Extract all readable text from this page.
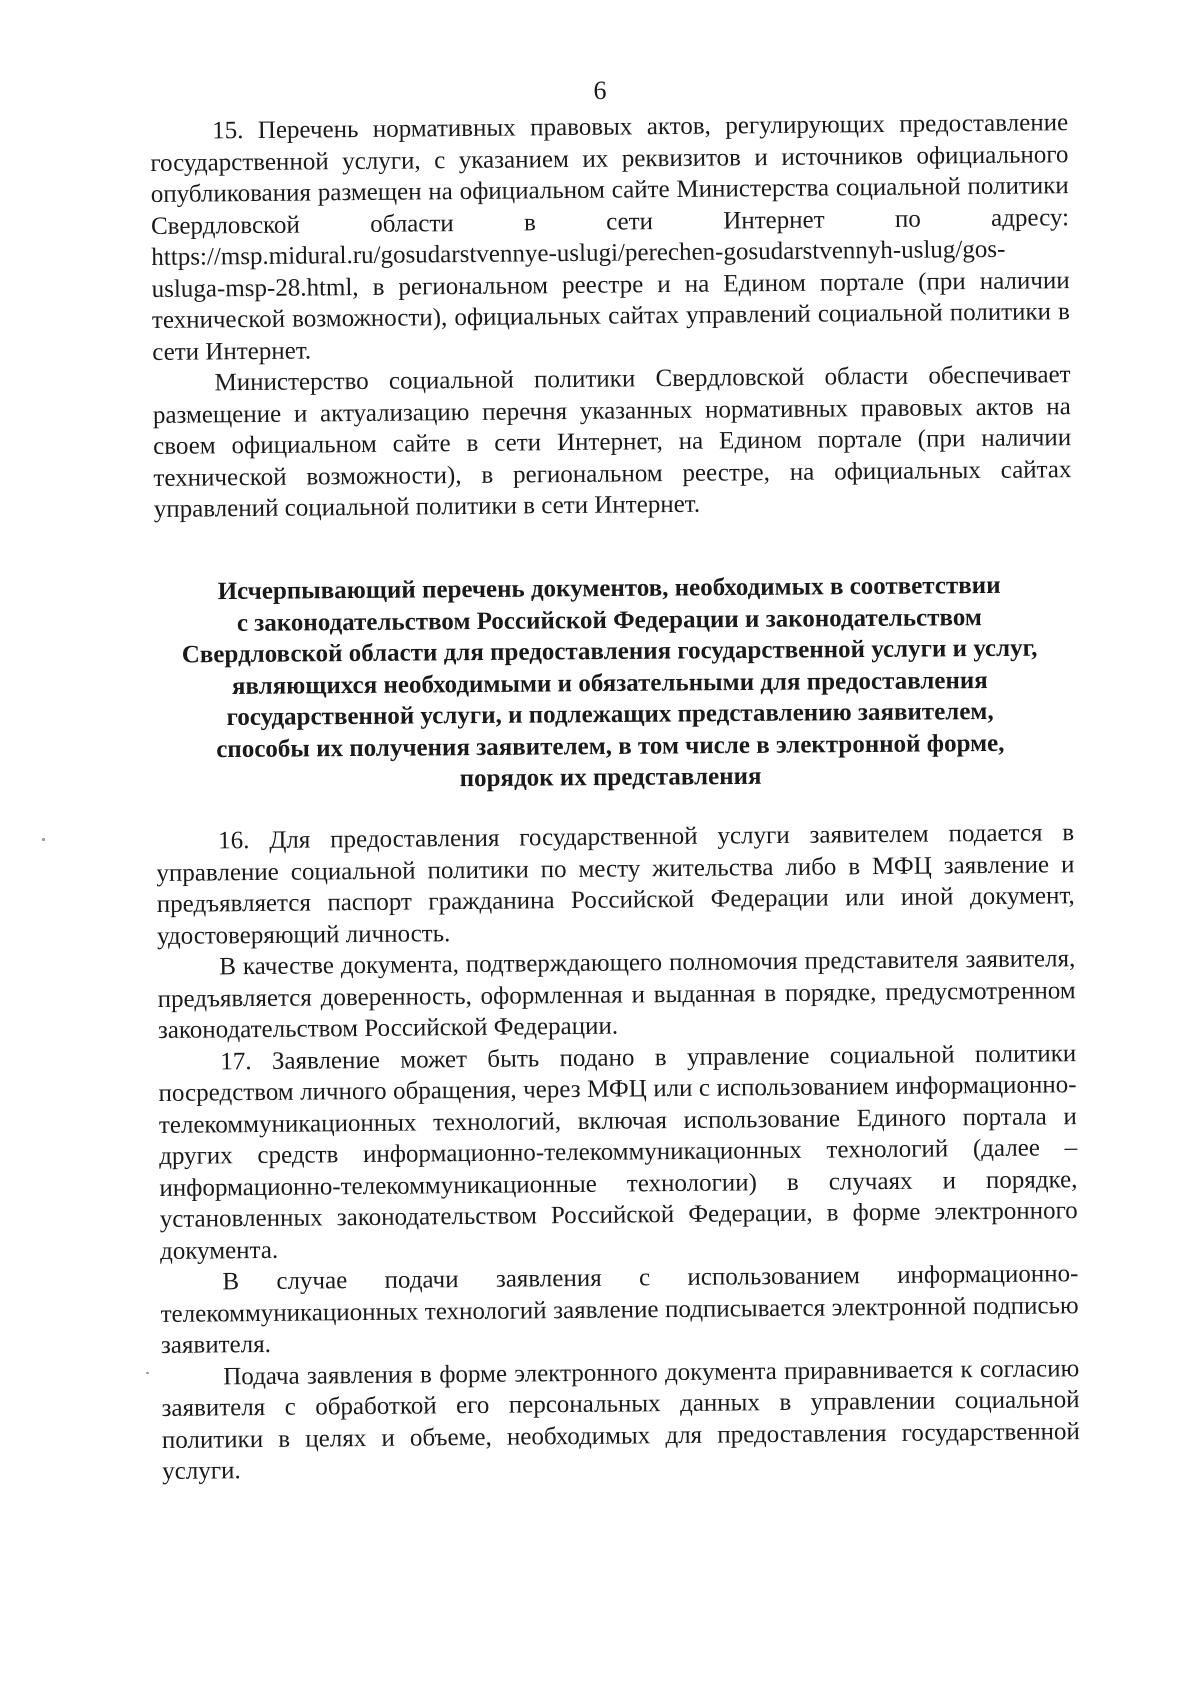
6

15. Перечень нормативных правовых актов, регулирующих предоставление государственной услуги, с указанием их реквизитов и источников официального опубликования размещен на официальном сайте Министерства социальной политики Свердловской области в сети Интернет по адресу: https://msp.midural.ru/gosudarstvennye-uslugi/perechen-gosudarstvennyh-uslug/gos-usluga-msp-28.html, в региональном реестре и на Едином портале (при наличии технической возможности), официальных сайтах управлений социальной политики в сети Интернет.

Министерство социальной политики Свердловской области обеспечивает размещение и актуализацию перечня указанных нормативных правовых актов на своем официальном сайте в сети Интернет, на Едином портале (при наличии технической возможности), в региональном реестре, на официальных сайтах управлений социальной политики в сети Интернет.

Исчерпывающий перечень документов, необходимых в соответствии
с законодательством Российской Федерации и законодательством
Свердловской области для предоставления государственной услуги и услуг,
являющихся необходимыми и обязательными для предоставления
государственной услуги, и подлежащих представлению заявителем,
способы их получения заявителем, в том числе в электронной форме,
порядок их представления

16. Для предоставления государственной услуги заявителем подается в управление социальной политики по месту жительства либо в МФЦ заявление и предъявляется паспорт гражданина Российской Федерации или иной документ, удостоверяющий личность.

В качестве документа, подтверждающего полномочия представителя заявителя, предъявляется доверенность, оформленная и выданная в порядке, предусмотренном законодательством Российской Федерации.

17. Заявление может быть подано в управление социальной политики посредством личного обращения, через МФЦ или с использованием информационно-телекоммуникационных технологий, включая использование Единого портала и других средств информационно-телекоммуникационных технологий (далее – информационно-телекоммуникационные технологии) в случаях и порядке, установленных законодательством Российской Федерации, в форме электронного документа.

В случае подачи заявления с использованием информационно-телекоммуникационных технологий заявление подписывается электронной подписью заявителя.

Подача заявления в форме электронного документа приравнивается к согласию заявителя с обработкой его персональных данных в управлении социальной политики в целях и объеме, необходимых для предоставления государственной услуги.
